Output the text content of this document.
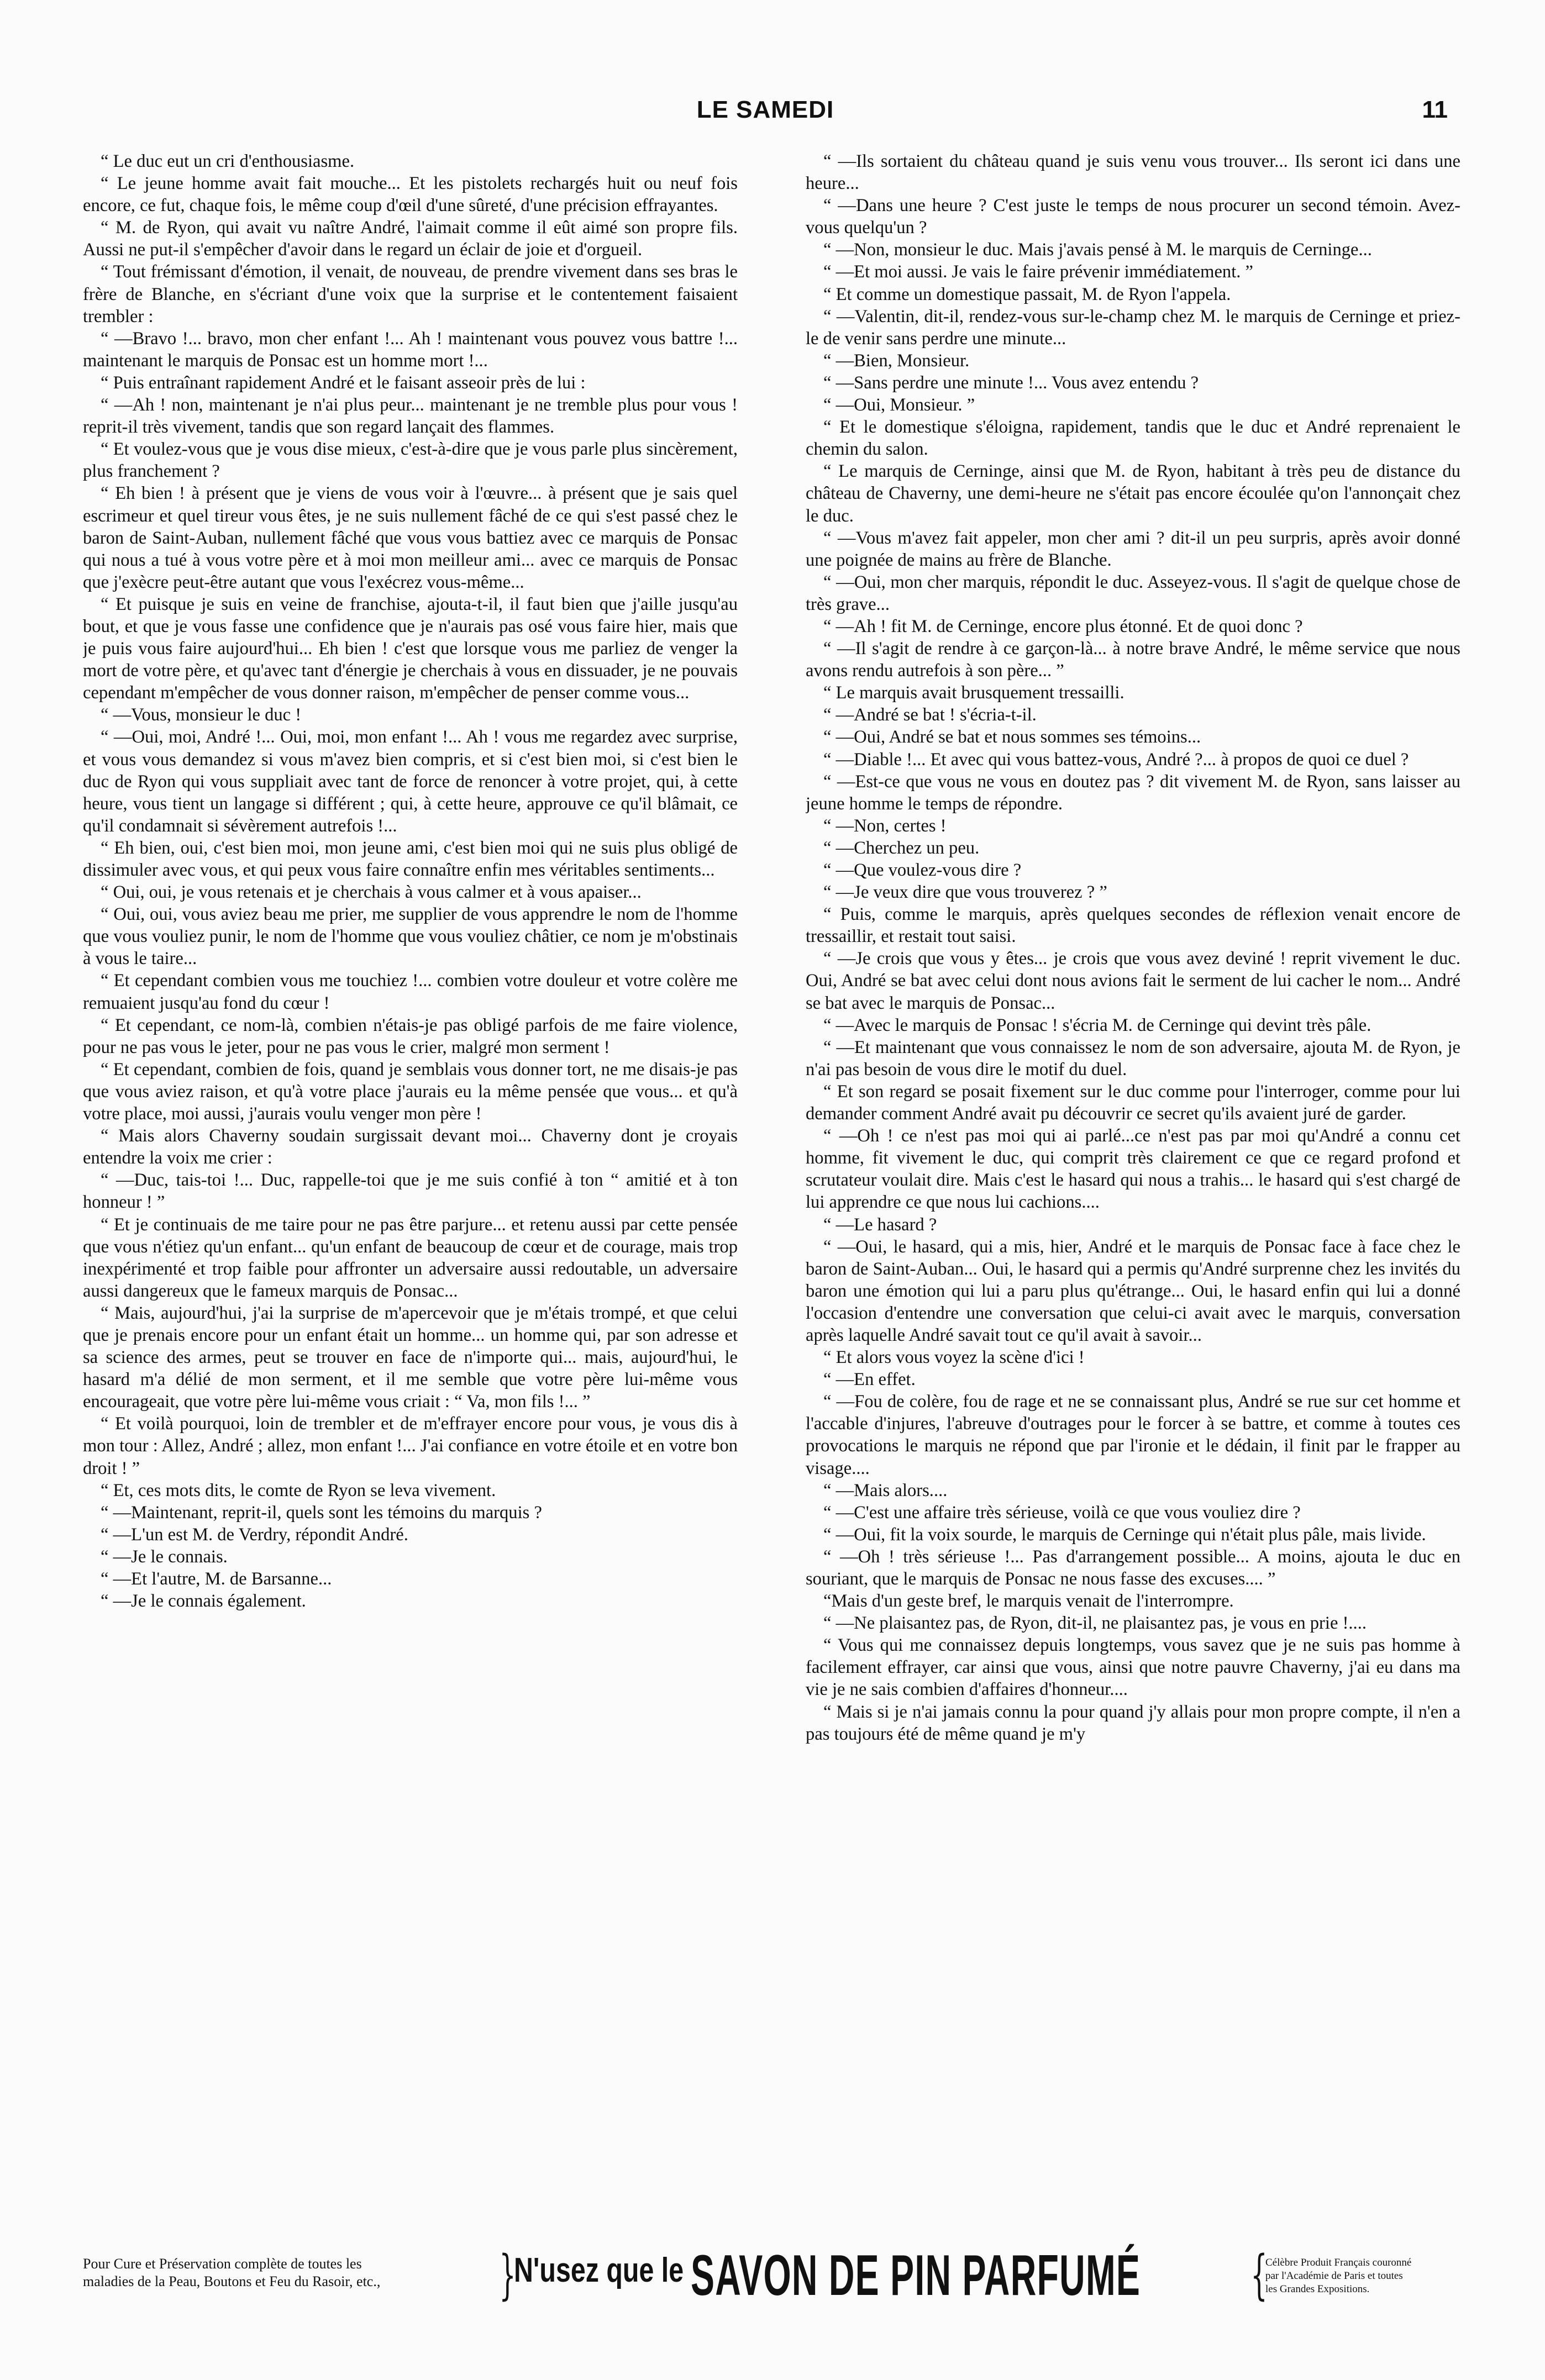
LE SAMEDI	11

“ Le duc eut un cri d'enthousiasme.

“ Le jeune homme avait fait mouche... Et les pistolets rechargés huit ou neuf fois encore, ce fut, chaque fois, le même coup d'œil d'une sûreté, d'une précision effrayantes.

“ M. de Ryon, qui avait vu naître André, l'aimait comme il eût aimé son propre fils. Aussi ne put-il s'empêcher d'avoir dans le regard un éclair de joie et d'orgueil.

“ Tout frémissant d'émotion, il venait, de nouveau, de prendre vivement dans ses bras le frère de Blanche, en s'écriant d'une voix que la surprise et le contentement faisaient trembler :

“ —Bravo !... bravo, mon cher enfant !... Ah ! maintenant vous pouvez vous battre !... maintenant le marquis de Ponsac est un homme mort !...

“ Puis entraînant rapidement André et le faisant asseoir près de lui :

“ —Ah ! non, maintenant je n'ai plus peur... maintenant je ne tremble plus pour vous ! reprit-il très vivement, tandis que son regard lançait des flammes.

“ Et voulez-vous que je vous dise mieux, c'est-à-dire que je vous parle plus sincèrement, plus franchement ?

“ Eh bien ! à présent que je viens de vous voir à l'œuvre... à présent que je sais quel escrimeur et quel tireur vous êtes, je ne suis nullement fâché de ce qui s'est passé chez le baron de Saint-Auban, nullement fâché que vous vous battiez avec ce marquis de Ponsac qui nous a tué à vous votre père et à moi mon meilleur ami... avec ce marquis de Ponsac que j'exècre peut-être autant que vous l'exécrez vous-même...

“ Et puisque je suis en veine de franchise, ajouta-t-il, il faut bien que j'aille jusqu'au bout, et que je vous fasse une confidence que je n'aurais pas osé vous faire hier, mais que je puis vous faire aujourd'hui... Eh bien ! c'est que lorsque vous me parliez de venger la mort de votre père, et qu'avec tant d'énergie je cherchais à vous en dissuader, je ne pouvais cependant m'empêcher de vous donner raison, m'empêcher de penser comme vous...

“ —Vous, monsieur le duc !

“ —Oui, moi, André !... Oui, moi, mon enfant !... Ah ! vous me regardez avec surprise, et vous vous demandez si vous m'avez bien compris, et si c'est bien moi, si c'est bien le duc de Ryon qui vous suppliait avec tant de force de renoncer à votre projet, qui, à cette heure, vous tient un langage si différent ; qui, à cette heure, approuve ce qu'il blâmait, ce qu'il condamnait si sévèrement autrefois !...

“ Eh bien, oui, c'est bien moi, mon jeune ami, c'est bien moi qui ne suis plus obligé de dissimuler avec vous, et qui peux vous faire connaître enfin mes véritables sentiments...

“ Oui, oui, je vous retenais et je cherchais à vous calmer et à vous apaiser...

“ Oui, oui, vous aviez beau me prier, me supplier de vous apprendre le nom de l'homme que vous vouliez punir, le nom de l'homme que vous vouliez châtier, ce nom je m'obstinais à vous le taire...

“ Et cependant combien vous me touchiez !... combien votre douleur et votre colère me remuaient jusqu'au fond du cœur !

“ Et cependant, ce nom-là, combien n'étais-je pas obligé parfois de me faire violence, pour ne pas vous le jeter, pour ne pas vous le crier, malgré mon serment !

“ Et cependant, combien de fois, quand je semblais vous donner tort, ne me disais-je pas que vous aviez raison, et qu'à votre place j'aurais eu la même pensée que vous... et qu'à votre place, moi aussi, j'aurais voulu venger mon père !

“ Mais alors Chaverny soudain surgissait devant moi... Chaverny dont je croyais entendre la voix me crier :

“ —Duc, tais-toi !... Duc, rappelle-toi que je me suis confié à ton “ amitié et à ton honneur ! ”

“ Et je continuais de me taire pour ne pas être parjure... et retenu aussi par cette pensée que vous n'étiez qu'un enfant... qu'un enfant de beaucoup de cœur et de courage, mais trop inexpérimenté et trop faible pour affronter un adversaire aussi redoutable, un adversaire aussi dangereux que le fameux marquis de Ponsac...

“ Mais, aujourd'hui, j'ai la surprise de m'apercevoir que je m'étais trompé, et que celui que je prenais encore pour un enfant était un homme... un homme qui, par son adresse et sa science des armes, peut se trouver en face de n'importe qui... mais, aujourd'hui, le hasard m'a délié de mon serment, et il me semble que votre père lui-même vous encourageait, que votre père lui-même vous criait : “ Va, mon fils !... ”

“ Et voilà pourquoi, loin de trembler et de m'effrayer encore pour vous, je vous dis à mon tour : Allez, André ; allez, mon enfant !... J'ai confiance en votre étoile et en votre bon droit ! ”

“ Et, ces mots dits, le comte de Ryon se leva vivement.

“ —Maintenant, reprit-il, quels sont les témoins du marquis ?

“ —L'un est M. de Verdry, répondit André.

“ —Je le connais.

“ —Et l'autre, M. de Barsanne...

“ —Je le connais également.

“ —Ils sortaient du château quand je suis venu vous trouver... Ils seront ici dans une heure...

“ —Dans une heure ? C'est juste le temps de nous procurer un second témoin. Avez-vous quelqu'un ?

“ —Non, monsieur le duc. Mais j'avais pensé à M. le marquis de Cerninge...

“ —Et moi aussi. Je vais le faire prévenir immédiatement. ”

“ Et comme un domestique passait, M. de Ryon l'appela.

“ —Valentin, dit-il, rendez-vous sur-le-champ chez M. le marquis de Cerninge et priez-le de venir sans perdre une minute...

“ —Bien, Monsieur.

“ —Sans perdre une minute !... Vous avez entendu ?

“ —Oui, Monsieur. ”

“ Et le domestique s'éloigna, rapidement, tandis que le duc et André reprenaient le chemin du salon.

“ Le marquis de Cerninge, ainsi que M. de Ryon, habitant à très peu de distance du château de Chaverny, une demi-heure ne s'était pas encore écoulée qu'on l'annonçait chez le duc.

“ —Vous m'avez fait appeler, mon cher ami ? dit-il un peu surpris, après avoir donné une poignée de mains au frère de Blanche.

“ —Oui, mon cher marquis, répondit le duc. Asseyez-vous. Il s'agit de quelque chose de très grave...

“ —Ah ! fit M. de Cerninge, encore plus étonné. Et de quoi donc ?

“ —Il s'agit de rendre à ce garçon-là... à notre brave André, le même service que nous avons rendu autrefois à son père... ”

“ Le marquis avait brusquement tressailli.

“ —André se bat ! s'écria-t-il.

“ —Oui, André se bat et nous sommes ses témoins...

“ —Diable !... Et avec qui vous battez-vous, André ?... à propos de quoi ce duel ?

“ —Est-ce que vous ne vous en doutez pas ? dit vivement M. de Ryon, sans laisser au jeune homme le temps de répondre.

“ —Non, certes !

“ —Cherchez un peu.

“ —Que voulez-vous dire ?

“ —Je veux dire que vous trouverez ? ”

“ Puis, comme le marquis, après quelques secondes de réflexion venait encore de tressaillir, et restait tout saisi.

“ —Je crois que vous y êtes... je crois que vous avez deviné ! reprit vivement le duc. Oui, André se bat avec celui dont nous avions fait le serment de lui cacher le nom... André se bat avec le marquis de Ponsac...

“ —Avec le marquis de Ponsac ! s'écria M. de Cerninge qui devint très pâle.

“ —Et maintenant que vous connaissez le nom de son adversaire, ajouta M. de Ryon, je n'ai pas besoin de vous dire le motif du duel.

“ Et son regard se posait fixement sur le duc comme pour l'interroger, comme pour lui demander comment André avait pu découvrir ce secret qu'ils avaient juré de garder.

“ —Oh ! ce n'est pas moi qui ai parlé...ce n'est pas par moi qu'André a connu cet homme, fit vivement le duc, qui comprit très clairement ce que ce regard profond et scrutateur voulait dire. Mais c'est le hasard qui nous a trahis... le hasard qui s'est chargé de lui apprendre ce que nous lui cachions....

“ —Le hasard ?

“ —Oui, le hasard, qui a mis, hier, André et le marquis de Ponsac face à face chez le baron de Saint-Auban... Oui, le hasard qui a permis qu'André surprenne chez les invités du baron une émotion qui lui a paru plus qu'étrange... Oui, le hasard enfin qui lui a donné l'occasion d'entendre une conversation que celui-ci avait avec le marquis, conversation après laquelle André savait tout ce qu'il avait à savoir...

“ Et alors vous voyez la scène d'ici !

“ —En effet.

“ —Fou de colère, fou de rage et ne se connaissant plus, André se rue sur cet homme et l'accable d'injures, l'abreuve d'outrages pour le forcer à se battre, et comme à toutes ces provocations le marquis ne répond que par l'ironie et le dédain, il finit par le frapper au visage....

“ —Mais alors....

“ —C'est une affaire très sérieuse, voilà ce que vous vouliez dire ?

“ —Oui, fit la voix sourde, le marquis de Cerninge qui n'était plus pâle, mais livide.

“ —Oh ! très sérieuse !... Pas d'arrangement possible... A moins, ajouta le duc en souriant, que le marquis de Ponsac ne nous fasse des excuses.... ”

“Mais d'un geste bref, le marquis venait de l'interrompre.

“ —Ne plaisantez pas, de Ryon, dit-il, ne plaisantez pas, je vous en prie !....

“ Vous qui me connaissez depuis longtemps, vous savez que je ne suis pas homme à facilement effrayer, car ainsi que vous, ainsi que notre pauvre Chaverny, j'ai eu dans ma vie je ne sais combien d'affaires d'honneur....

“ Mais si je n'ai jamais connu la pour quand j'y allais pour mon propre compte, il n'en a pas toujours été de même quand je m'y

Pour Cure et Préservation complète de toutes les
maladies de la Peau, Boutons et Feu du Rasoir, etc.,	}
N'usez que le SAVON DE PIN PARFUMÉ {
Célèbre Produit Français couronné
par l'Académie de Paris et toutes
les Grandes Expositions.
